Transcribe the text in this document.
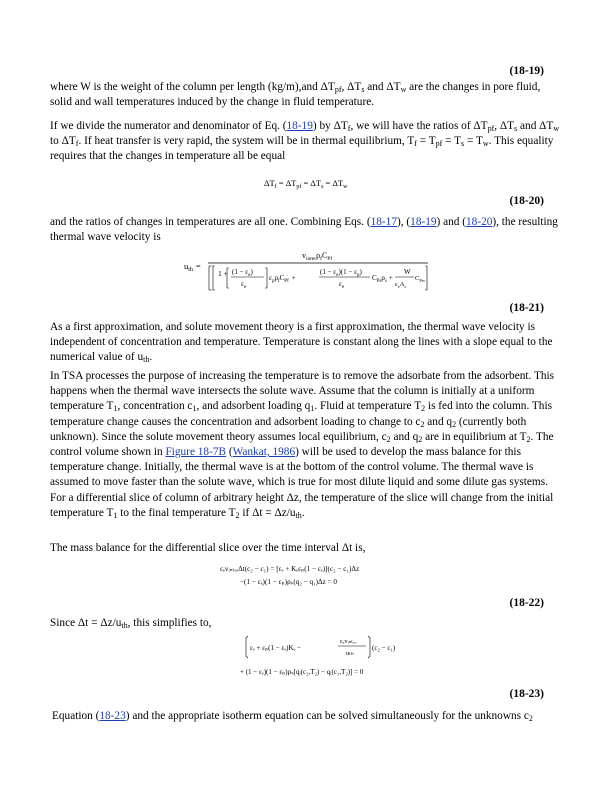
(18-19)
where W is the weight of the column per length (kg/m),and $\Delta T_{pf}$, $\Delta T_s$ and $\Delta T_w$ are the changes in pore fluid, solid and wall temperatures induced by the change in fluid temperature.
If we divide the numerator and denominator of Eq. (18-19) by $\Delta T_f$, we will have the ratios of $\Delta T_{pf}$, $\Delta T_s$ and $\Delta T_w$ to $\Delta T_f$. If heat transfer is very rapid, the system will be in thermal equilibrium, $T_f = T_{pf} = T_s = T_w$. This equality requires that the changes in temperature all be equal
$\Delta T_f = \Delta T_{pf} = \Delta T_s = \Delta T_w$
(18-20)
and the ratios of changes in temperatures are all one. Combining Eqs. (18-17), (18-19) and (18-20), the resulting thermal wave velocity is
$u_{th}$ =
$v_{inter}\rho_fC_{Pf}$
$1 + (1 - \varepsilon_e)$
$\varepsilon_e$
$\varepsilon_p\rho_fC_{Pf}$ +
$(1 - \varepsilon_e)(1 - \varepsilon_p)$
$\varepsilon_e$
$C_{Ps}\rho_s$ +
W
$\varepsilon_eA_c$
$C_{Pw}$
(18-21)
As a first approximation, and solute movement theory is a first approximation, the thermal wave velocity is independent of concentration and temperature. Temperature is constant along the lines with a slope equal to the numerical value of $u_{th}$.
In TSA processes the purpose of increasing the temperature is to remove the adsorbate from the adsorbent. This happens when the thermal wave intersects the solute wave. Assume that the column is initially at a uniform temperature $T_1$, concentration $c_1$, and adsorbent loading $q_1$. Fluid at temperature $T_2$ is fed into the column. This temperature change causes the concentration and adsorbent loading to change to $c_2$ and $q_2$ (currently both unknown). Since the solute movement theory assumes local equilibrium, $c_2$ and $q_2$ are in equilibrium at $T_2$. The control volume shown in Figure 18-7B (Wankat, 1986) will be used to develop the mass balance for this temperature change. Initially, the thermal wave is at the bottom of the control volume. The thermal wave is assumed to move faster than the solute wave, which is true for most dilute liquid and some dilute gas systems. For a differential slice of column of arbitrary height Δz, the temperature of the slice will change from the initial temperature $T_1$ to the final temperature $T_2$ if $\Delta t = \Delta z/u_{th}$.
The mass balance for the differential slice over the time interval Δt is,
εₑvᵢₙₜₑᵣΔt(c₂ − c₁) = [εₑ + Kₑεₚ(1 − εₑ)](c₂ − c₁)Δz
−(1 − εₑ)(1 − εₚ)ρₛ(q₂ − q₁)Δz = 0
(18-22)
Since $\Delta t = \Delta z/u_{th}$, this simplifies to,
εₑ + εₚ(1 − εₑ)Kₑ −
εₑvᵢₙₜₑᵣ
uₜₕ
(c₂ − c₁)
+ (1 − εₑ)(1 − εₚ)ρₛ[qᵢ(c₂,T₂) − qᵢ(c₁,T₂)] = 0
(18-23)
Equation (18-23) and the appropriate isotherm equation can be solved simultaneously for the unknowns $c_2$
